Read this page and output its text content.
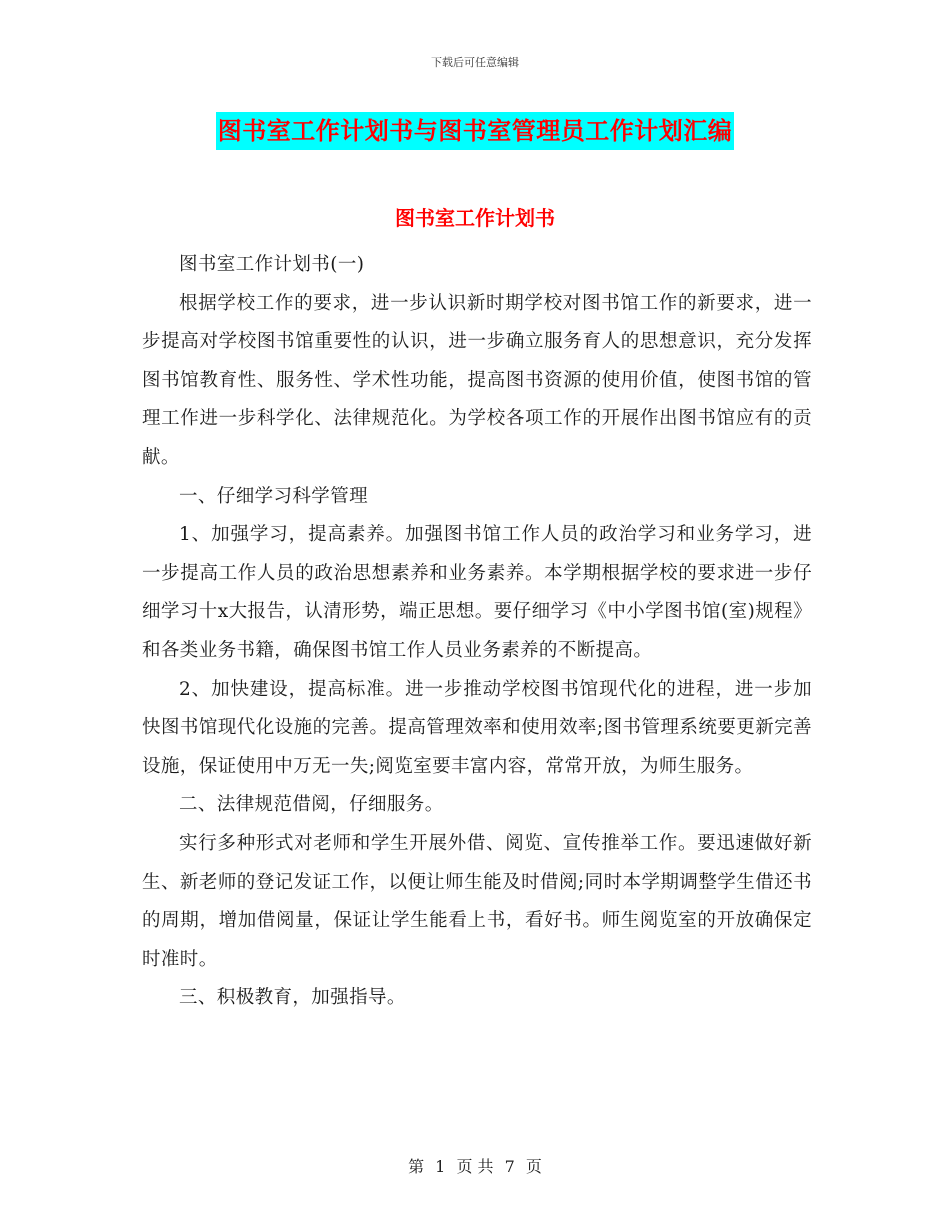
下载后可任意编辑
图书室工作计划书与图书室管理员工作计划汇编
图书室工作计划书

图书室工作计划书(一)

根据学校工作的要求，进一步认识新时期学校对图书馆工作的新要求，进一步提高对学校图书馆重要性的认识，进一步确立服务育人的思想意识，充分发挥图书馆教育性、服务性、学术性功能，提高图书资源的使用价值，使图书馆的管理工作进一步科学化、法律规范化。为学校各项工作的开展作出图书馆应有的贡献。

一、仔细学习科学管理

1、加强学习，提高素养。加强图书馆工作人员的政治学习和业务学习，进一步提高工作人员的政治思想素养和业务素养。本学期根据学校的要求进一步仔细学习十x大报告，认清形势，端正思想。要仔细学习《中小学图书馆(室)规程》和各类业务书籍，确保图书馆工作人员业务素养的不断提高。

2、加快建设，提高标准。进一步推动学校图书馆现代化的进程，进一步加快图书馆现代化设施的完善。提高管理效率和使用效率;图书管理系统要更新完善设施，保证使用中万无一失;阅览室要丰富内容，常常开放，为师生服务。

二、法律规范借阅，仔细服务。

实行多种形式对老师和学生开展外借、阅览、宣传推举工作。要迅速做好新生、新老师的登记发证工作，以便让师生能及时借阅;同时本学期调整学生借还书的周期，增加借阅量，保证让学生能看上书，看好书。师生阅览室的开放确保定时准时。

三、积极教育，加强指导。

第 1 页 共 7 页
